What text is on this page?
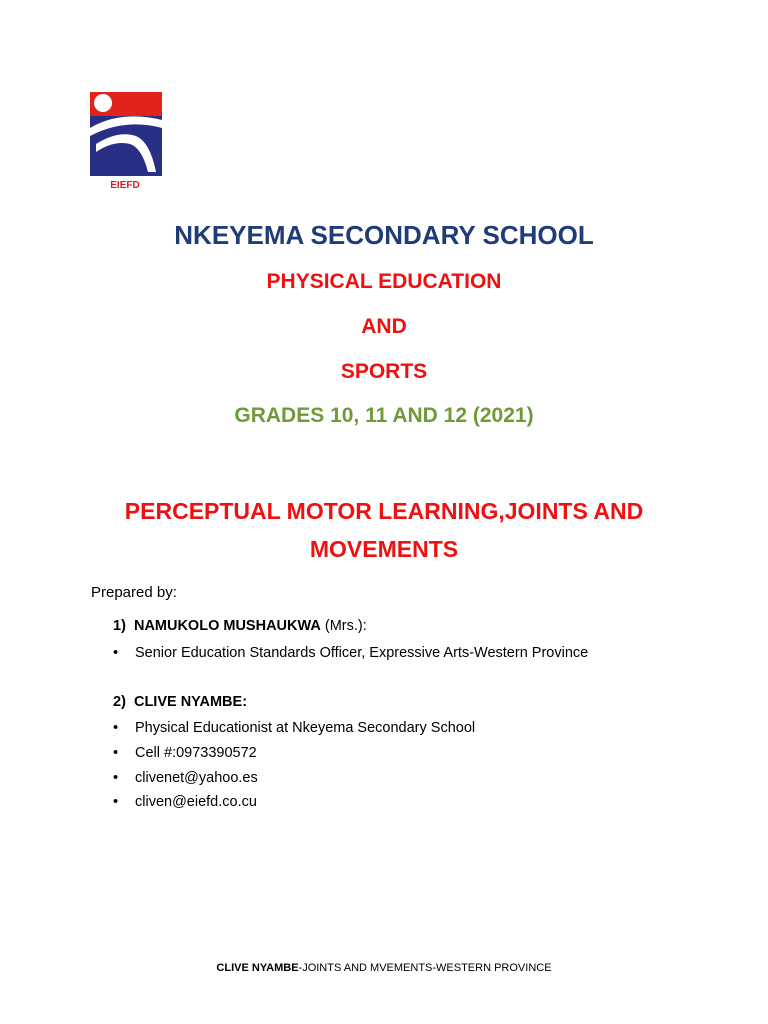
EIEFD
NKEYEMA SECONDARY SCHOOL
PHYSICAL EDUCATION
AND
SPORTS
GRADES 10, 11 AND 12 (2021)
PERCEPTUAL MOTOR LEARNING,JOINTS AND
MOVEMENTS
Prepared by:
1) NAMUKOLO MUSHAUKWA (Mrs.):
• Senior Education Standards Officer, Expressive Arts-Western Province
2) CLIVE NYAMBE:
• Physical Educationist at Nkeyema Secondary School
• Cell #:0973390572
• clivenet@yahoo.es
• cliven@eiefd.co.cu
CLIVE NYAMBE-JOINTS AND MVEMENTS-WESTERN PROVINCE
